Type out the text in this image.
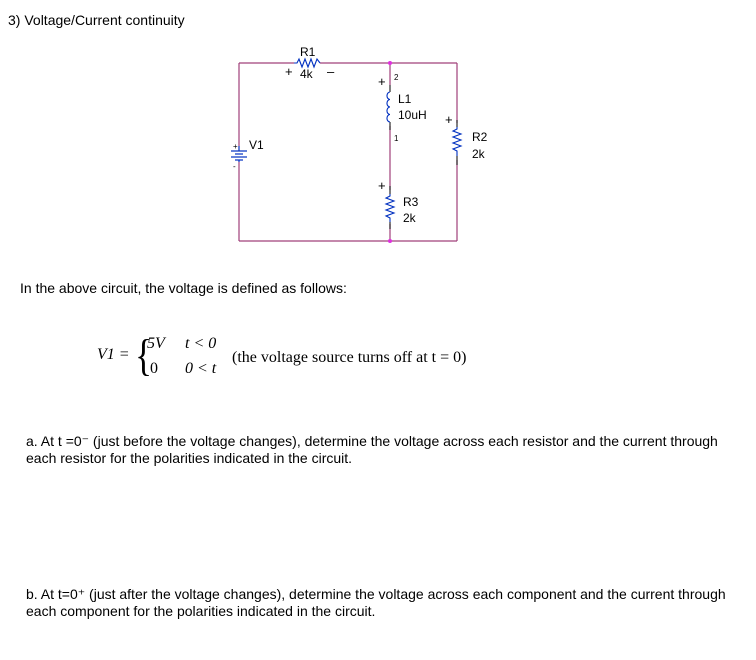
3) Voltage/Current continuity
+
-
R1
4k
+	–
+ 2
L1
10uH
1
+
R2
2k
+
R3
2k
V1
In the above circuit, the voltage is defined as follows:
V1 = {
5V t < 0
0 0 < t
(the voltage source turns off at t = 0)
a. At t =0⁻ (just before the voltage changes), determine the voltage across each resistor and the current through each resistor for the polarities indicated in the circuit.
b. At t=0⁺ (just after the voltage changes), determine the voltage across each component and the current through each component for the polarities indicated in the circuit.
